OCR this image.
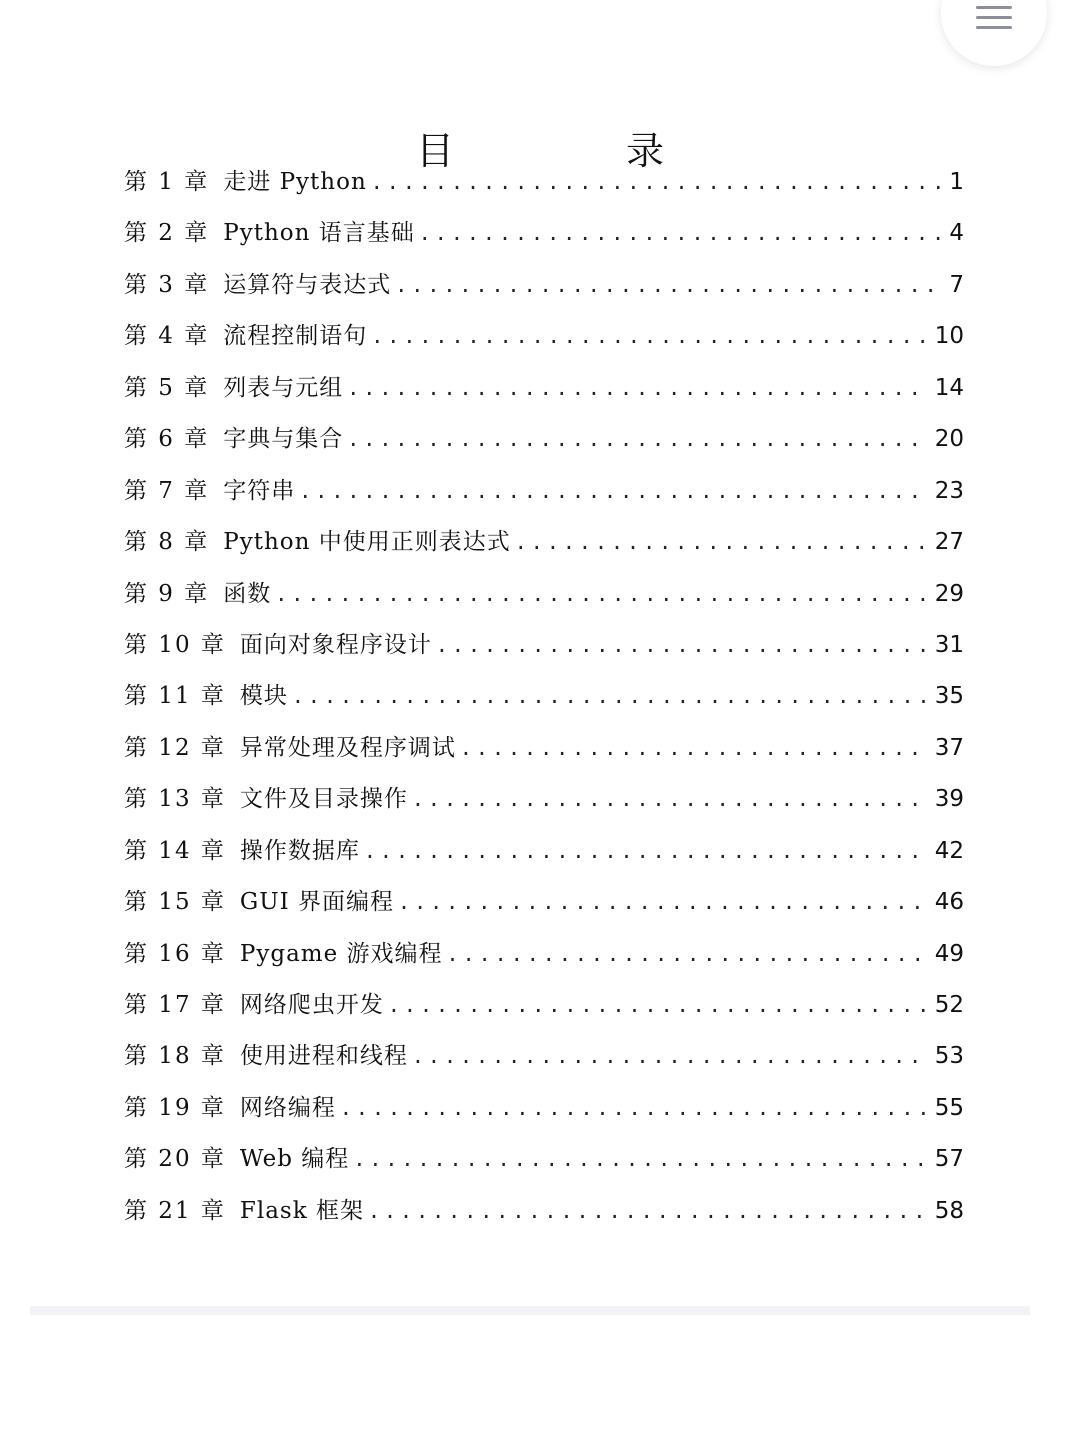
目 录
第 1 章 走进 Python .....	1
第 2 章 Python 语言基础 .....	4
第 3 章 运算符与表达式 .....	7
第 4 章 流程控制语句 .....	10
第 5 章 列表与元组 .....	14
第 6 章 字典与集合 .....	20
第 7 章 字符串 .....	23
第 8 章 Python 中使用正则表达式 .....	27
第 9 章 函数 .....	29
第 10 章 面向对象程序设计 .....	31
第 11 章 模块 .....	35
第 12 章 异常处理及程序调试 .....	37
第 13 章 文件及目录操作 .....	39
第 14 章 操作数据库 .....	42
第 15 章 GUI 界面编程 .....	46
第 16 章 Pygame 游戏编程 .....	49
第 17 章 网络爬虫开发 .....	52
第 18 章 使用进程和线程 .....	53
第 19 章 网络编程 .....	55
第 20 章 Web 编程 .....	57
第 21 章 Flask 框架 .....	58
